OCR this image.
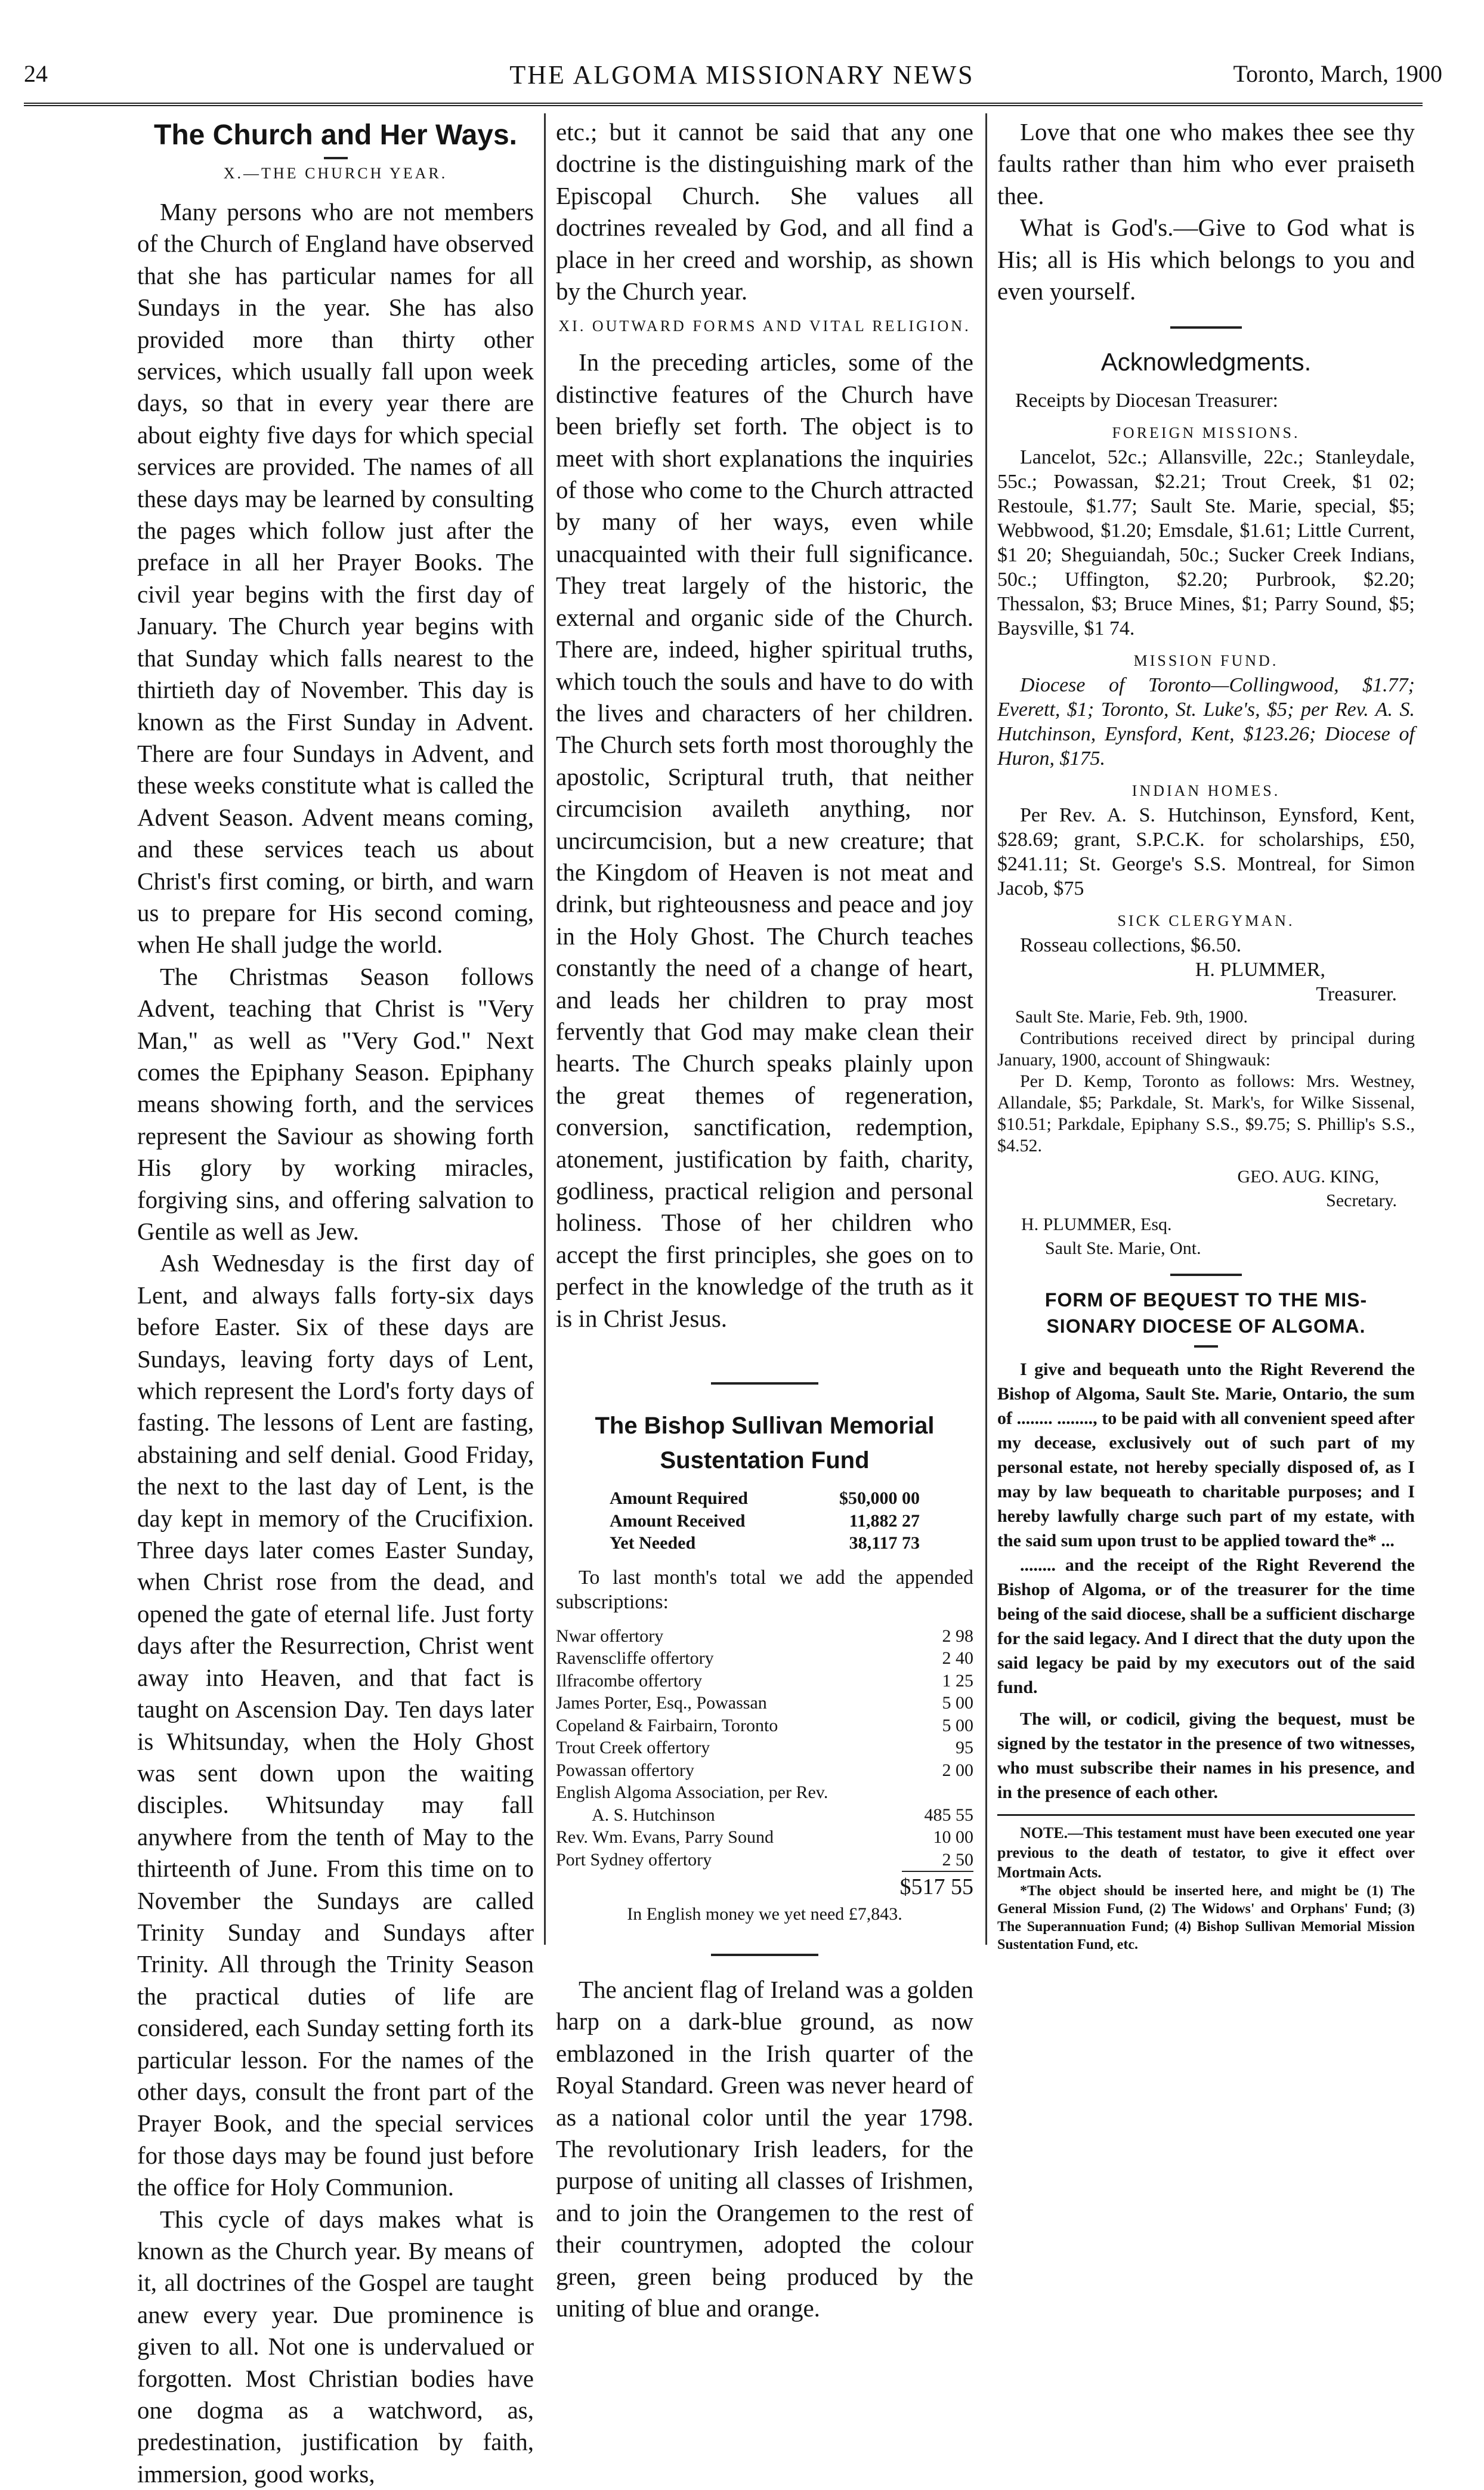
24	THE ALGOMA MISSIONARY NEWS	Toronto, March, 1900
The Church and Her Ways.
X.—THE CHURCH YEAR.

Many persons who are not members of the Church of England have observed that she has particular names for all Sundays in the year. She has also provided more than thirty other services, which usually fall upon week days, so that in every year there are about eighty five days for which special services are provided. The names of all these days may be learned by consulting the pages which follow just after the preface in all her Prayer Books. The civil year begins with the first day of January. The Church year begins with that Sunday which falls nearest to the thirtieth day of November. This day is known as the First Sunday in Advent. There are four Sundays in Advent, and these weeks constitute what is called the Advent Season. Advent means coming, and these services teach us about Christ's first coming, or birth, and warn us to prepare for His second coming, when He shall judge the world.

The Christmas Season follows Advent, teaching that Christ is "Very Man," as well as "Very God." Next comes the Epiphany Season. Epiphany means showing forth, and the services represent the Saviour as showing forth His glory by working miracles, forgiving sins, and offering salvation to Gentile as well as Jew.

Ash Wednesday is the first day of Lent, and always falls forty-six days before Easter. Six of these days are Sundays, leaving forty days of Lent, which represent the Lord's forty days of fasting. The lessons of Lent are fasting, abstaining and self denial. Good Friday, the next to the last day of Lent, is the day kept in memory of the Crucifixion. Three days later comes Easter Sunday, when Christ rose from the dead, and opened the gate of eternal life. Just forty days after the Resurrection, Christ went away into Heaven, and that fact is taught on Ascension Day. Ten days later is Whitsunday, when the Holy Ghost was sent down upon the waiting disciples. Whitsunday may fall anywhere from the tenth of May to the thirteenth of June. From this time on to November the Sundays are called Trinity Sunday and Sundays after Trinity. All through the Trinity Season the practical duties of life are considered, each Sunday setting forth its particular lesson. For the names of the other days, consult the front part of the Prayer Book, and the special services for those days may be found just before the office for Holy Communion.

This cycle of days makes what is known as the Church year. By means of it, all doctrines of the Gospel are taught anew every year. Due prominence is given to all. Not one is undervalued or forgotten. Most Christian bodies have one dogma as a watchword, as, predestination, justification by faith, immersion, good works,

etc.; but it cannot be said that any one doctrine is the distinguishing mark of the Episcopal Church. She values all doctrines revealed by God, and all find a place in her creed and worship, as shown by the Church year.

XI. OUTWARD FORMS AND VITAL RELIGION.

In the preceding articles, some of the distinctive features of the Church have been briefly set forth. The object is to meet with short explanations the inquiries of those who come to the Church attracted by many of her ways, even while unacquainted with their full significance. They treat largely of the historic, the external and organic side of the Church. There are, indeed, higher spiritual truths, which touch the souls and have to do with the lives and characters of her children. The Church sets forth most thoroughly the apostolic, Scriptural truth, that neither circumcision availeth anything, nor uncircumcision, but a new creature; that the Kingdom of Heaven is not meat and drink, but righteousness and peace and joy in the Holy Ghost. The Church teaches constantly the need of a change of heart, and leads her children to pray most fervently that God may make clean their hearts. The Church speaks plainly upon the great themes of regeneration, conversion, sanctification, redemption, atonement, justification by faith, charity, godliness, practical religion and personal holiness. Those of her children who accept the first principles, she goes on to perfect in the knowledge of the truth as it is in Christ Jesus.

The Bishop Sullivan Memorial
Sustentation Fund
Amount Required	$50,000 00
Amount Received	11,882 27
Yet Needed	38,117 73
To last month's total we add the appended subscriptions:
Nwar offertory	2 98
Ravenscliffe offertory	2 40
Ilfracombe offertory	1 25
James Porter, Esq., Powassan	5 00
Copeland & Fairbairn, Toronto	5 00
Trout Creek offertory	95
Powassan offertory	2 00
English Algoma Association, per Rev.	
A. S. Hutchinson	485 55
Rev. Wm. Evans, Parry Sound	10 00
Port Sydney offertory	2 50
$517 55
In English money we yet need £7,843.

The ancient flag of Ireland was a golden harp on a dark-blue ground, as now emblazoned in the Irish quarter of the Royal Standard. Green was never heard of as a national color until the year 1798. The revolutionary Irish leaders, for the purpose of uniting all classes of Irishmen, and to join the Orangemen to the rest of their countrymen, adopted the colour green, green being produced by the uniting of blue and orange.

Love that one who makes thee see thy faults rather than him who ever praiseth thee.

What is God's.—Give to God what is His; all is His which belongs to you and even yourself.

Acknowledgments.
Receipts by Diocesan Treasurer:
FOREIGN MISSIONS.

Lancelot, 52c.; Allansville, 22c.; Stanleydale, 55c.; Powassan, $2.21; Trout Creek, $1 02; Restoule, $1.77; Sault Ste. Marie, special, $5; Webbwood, $1.20; Emsdale, $1.61; Little Current, $1 20; Sheguiandah, 50c.; Sucker Creek Indians, 50c.; Uffington, $2.20; Purbrook, $2.20; Thessalon, $3; Bruce Mines, $1; Parry Sound, $5; Baysville, $1 74.

MISSION FUND.

Diocese of Toronto—Collingwood, $1.77; Everett, $1; Toronto, St. Luke's, $5; per Rev. A. S. Hutchinson, Eynsford, Kent, $123.26; Diocese of Huron, $175.

INDIAN HOMES.

Per Rev. A. S. Hutchinson, Eynsford, Kent, $28.69; grant, S.P.C.K. for scholarships, £50, $241.11; St. George's S.S. Montreal, for Simon Jacob, $75

SICK CLERGYMAN.

Rosseau collections, $6.50.

H. PLUMMER,
Treasurer.
Sault Ste. Marie, Feb. 9th, 1900.

Contributions received direct by principal during January, 1900, account of Shingwauk:

Per D. Kemp, Toronto as follows: Mrs. Westney, Allandale, $5; Parkdale, St. Mark's, for Wilke Sissenal, $10.51; Parkdale, Epiphany S.S., $9.75; S. Phillip's S.S., $4.52.

GEO. AUG. KING,
Secretary.
H. PLUMMER, Esq.
Sault Ste. Marie, Ont.
FORM OF BEQUEST TO THE MIS-
SIONARY DIOCESE OF ALGOMA.

I give and bequeath unto the Right Reverend the Bishop of Algoma, Sault Ste. Marie, Ontario, the sum of ........ ........, to be paid with all convenient speed after my decease, exclusively out of such part of my personal estate, not hereby specially disposed of, as I may by law bequeath to charitable purposes; and I hereby lawfully charge such part of my estate, with the said sum upon trust to be applied toward the* ...

........ and the receipt of the Right Reverend the Bishop of Algoma, or of the treasurer for the time being of the said diocese, shall be a sufficient discharge for the said legacy. And I direct that the duty upon the said legacy be paid by my executors out of the said fund.

The will, or codicil, giving the bequest, must be signed by the testator in the presence of two witnesses, who must subscribe their names in his presence, and in the presence of each other.

NOTE.—This testament must have been executed one year previous to the death of testator, to give it effect over Mortmain Acts.

*The object should be inserted here, and might be (1) The General Mission Fund, (2) The Widows' and Orphans' Fund; (3) The Superannuation Fund; (4) Bishop Sullivan Memorial Mission Sustentation Fund, etc.
